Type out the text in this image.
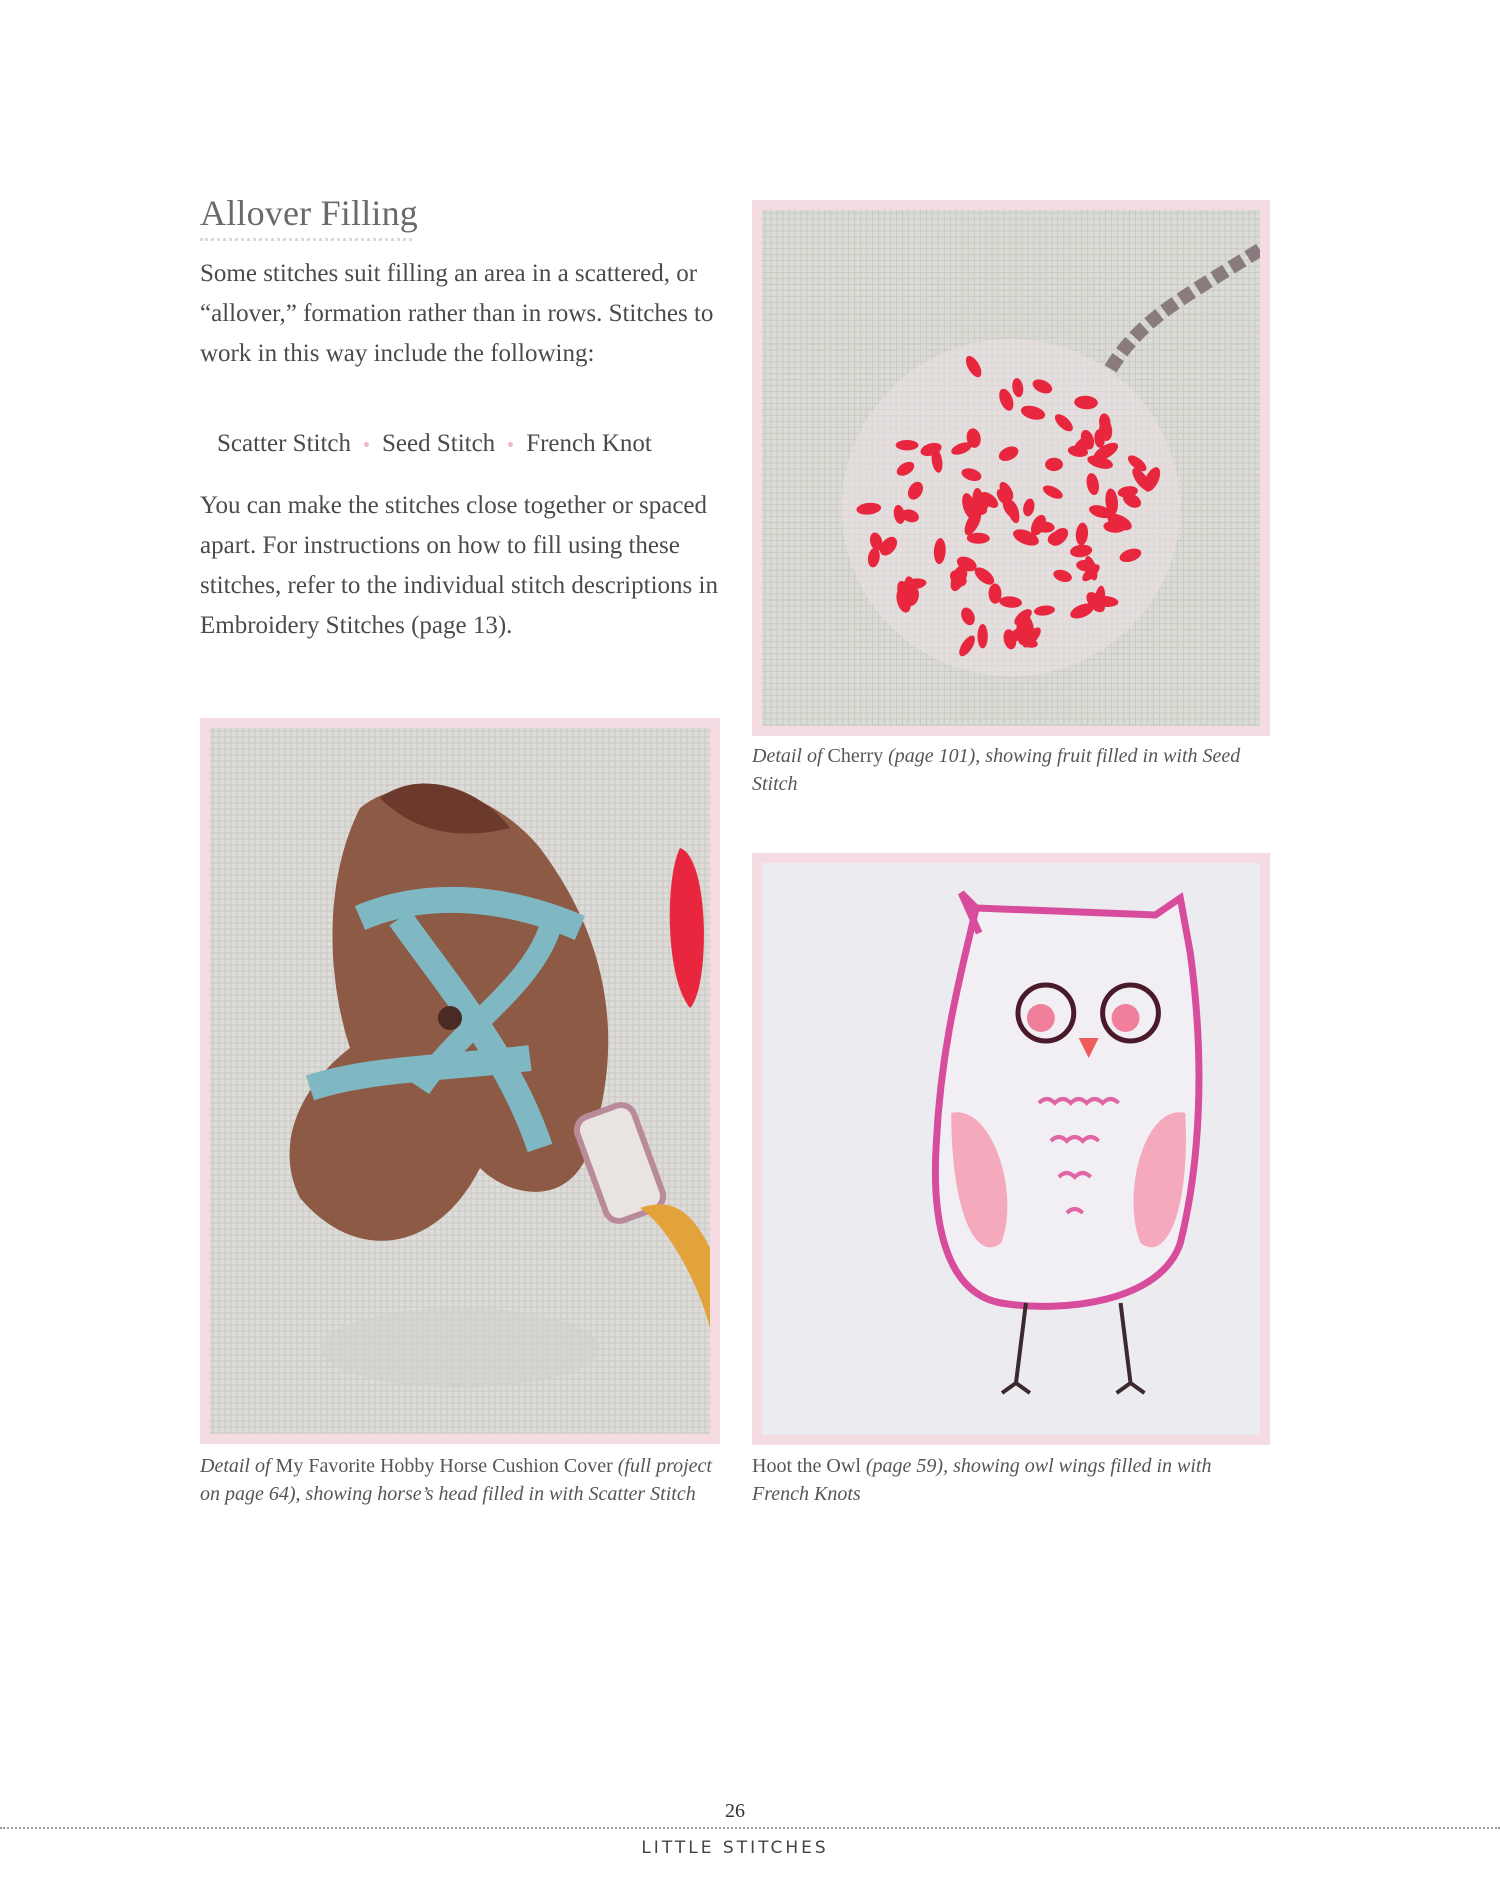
Allover Filling

Some stitches suit filling an area in a scattered, or “allover,” formation rather than in rows. Stitches to work in this way include the following:

Scatter Stitch Seed Stitch French Knot

You can make the stitches close together or spaced apart. For instructions on how to fill using these stitches, refer to the individual stitch descriptions in Embroidery Stitches (page 13).

Detail of Cherry (page 101), showing fruit filled in with Seed Stitch

Detail of My Favorite Hobby Horse Cushion Cover (full project on page 64), showing horse’s head filled in with Scatter Stitch

Hoot the Owl (page 59), showing owl wings filled in with French Knots

26
LITTLE STITCHES
